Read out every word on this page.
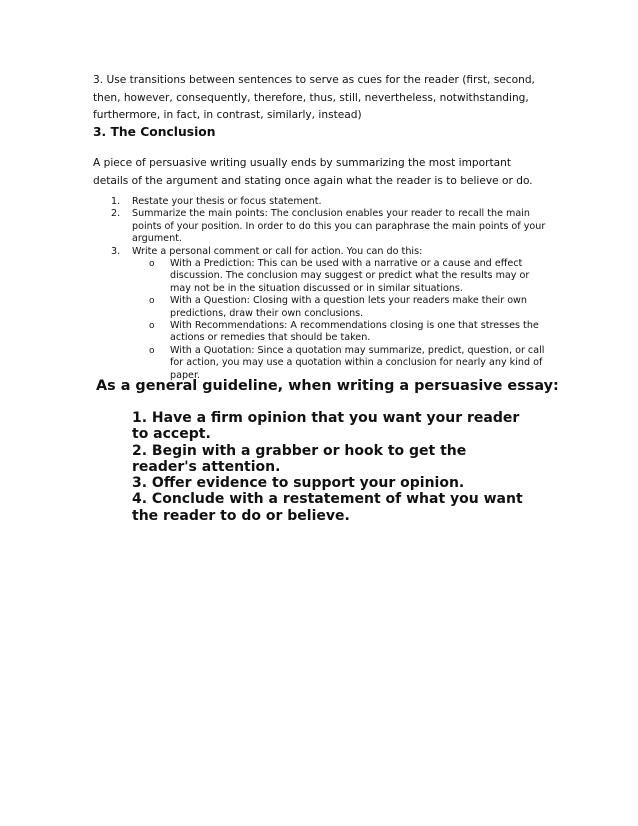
3. Use transitions between sentences to serve as cues for the reader (first, second, then, however, consequently, therefore, thus, still, nevertheless, notwithstanding, furthermore, in fact, in contrast, similarly, instead)

3. The Conclusion

A piece of persuasive writing usually ends by summarizing the most important details of the argument and stating once again what the reader is to believe or do.

1. Restate your thesis or focus statement.
2. Summarize the main points: The conclusion enables your reader to recall the main points of your position. In order to do this you can paraphrase the main points of your argument.
3. Write a personal comment or call for action. You can do this:
o With a Prediction: This can be used with a narrative or a cause and effect discussion. The conclusion may suggest or predict what the results may or may not be in the situation discussed or in similar situations.
o With a Question: Closing with a question lets your readers make their own predictions, draw their own conclusions.
o With Recommendations: A recommendations closing is one that stresses the actions or remedies that should be taken.
o With a Quotation: Since a quotation may summarize, predict, question, or call for action, you may use a quotation within a conclusion for nearly any kind of paper.
As a general guideline, when writing a persuasive essay:
1. Have a firm opinion that you want your reader to accept.
2. Begin with a grabber or hook to get the reader's attention.
3. Offer evidence to support your opinion.
4. Conclude with a restatement of what you want the reader to do or believe.
